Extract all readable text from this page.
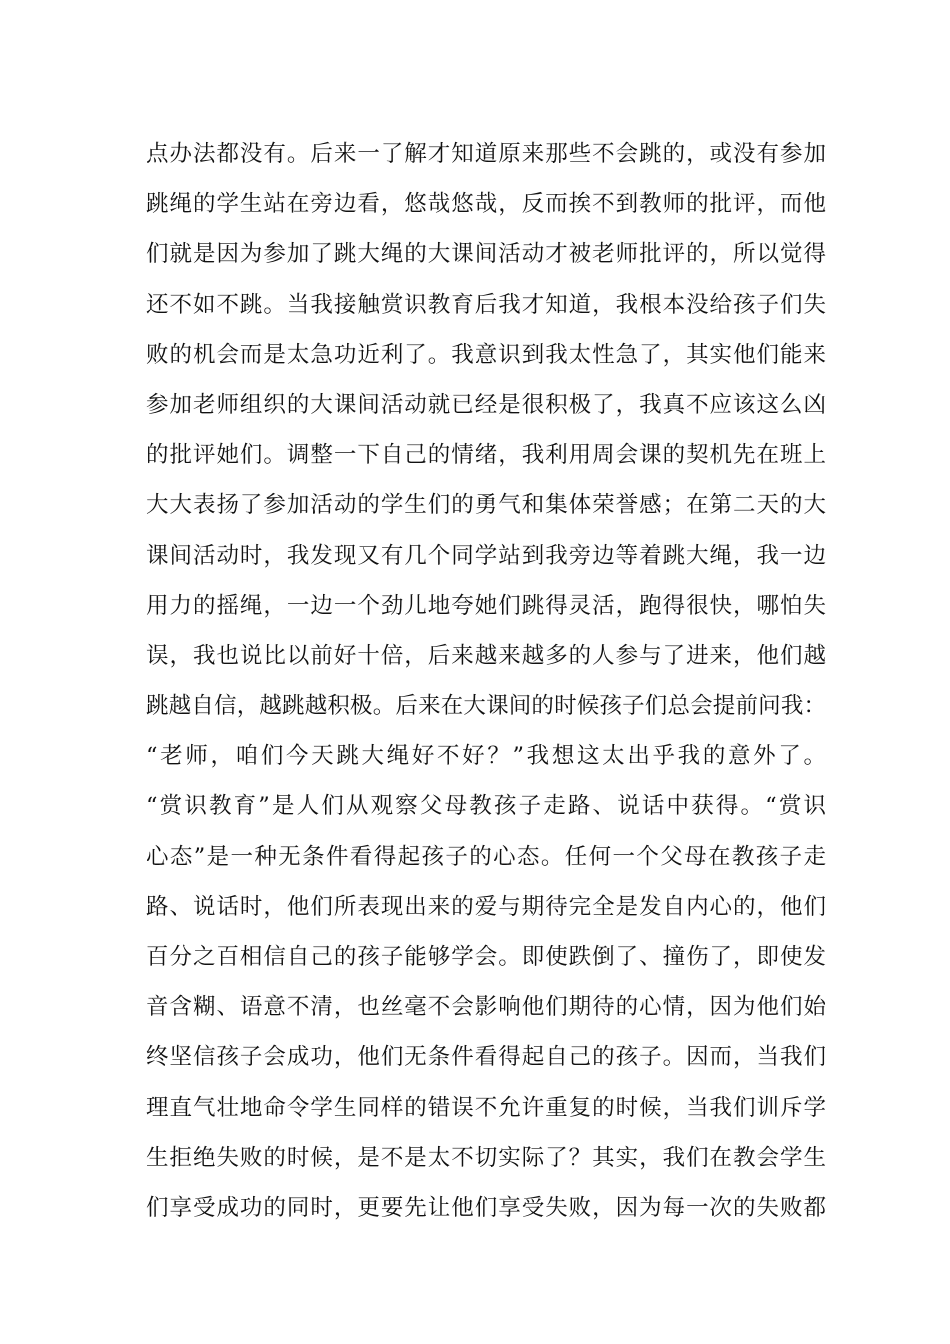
点办法都没有。后来一了解才知道原来那些不会跳的，或没有参加
跳绳的学生站在旁边看，悠哉悠哉，反而挨不到教师的批评，而他
们就是因为参加了跳大绳的大课间活动才被老师批评的，所以觉得
还不如不跳。当我接触赏识教育后我才知道，我根本没给孩子们失
败的机会而是太急功近利了。我意识到我太性急了，其实他们能来
参加老师组织的大课间活动就已经是很积极了，我真不应该这么凶
的批评她们。调整一下自己的情绪，我利用周会课的契机先在班上
大大表扬了参加活动的学生们的勇气和集体荣誉感；在第二天的大
课间活动时，我发现又有几个同学站到我旁边等着跳大绳，我一边
用力的摇绳，一边一个劲儿地夸她们跳得灵活，跑得很快，哪怕失
误，我也说比以前好十倍，后来越来越多的人参与了进来，他们越
跳越自信，越跳越积极。后来在大课间的时候孩子们总会提前问我：
“老师，咱们今天跳大绳好不好？”我想这太出乎我的意外了。
“赏识教育”是人们从观察父母教孩子走路、说话中获得。“赏识
心态”是一种无条件看得起孩子的心态。任何一个父母在教孩子走
路、说话时，他们所表现出来的爱与期待完全是发自内心的，他们
百分之百相信自己的孩子能够学会。即使跌倒了、撞伤了，即使发
音含糊、语意不清，也丝毫不会影响他们期待的心情，因为他们始
终坚信孩子会成功，他们无条件看得起自己的孩子。因而，当我们
理直气壮地命令学生同样的错误不允许重复的时候，当我们训斥学
生拒绝失败的时候，是不是太不切实际了？其实，我们在教会学生
们享受成功的同时，更要先让他们享受失败，因为每一次的失败都
